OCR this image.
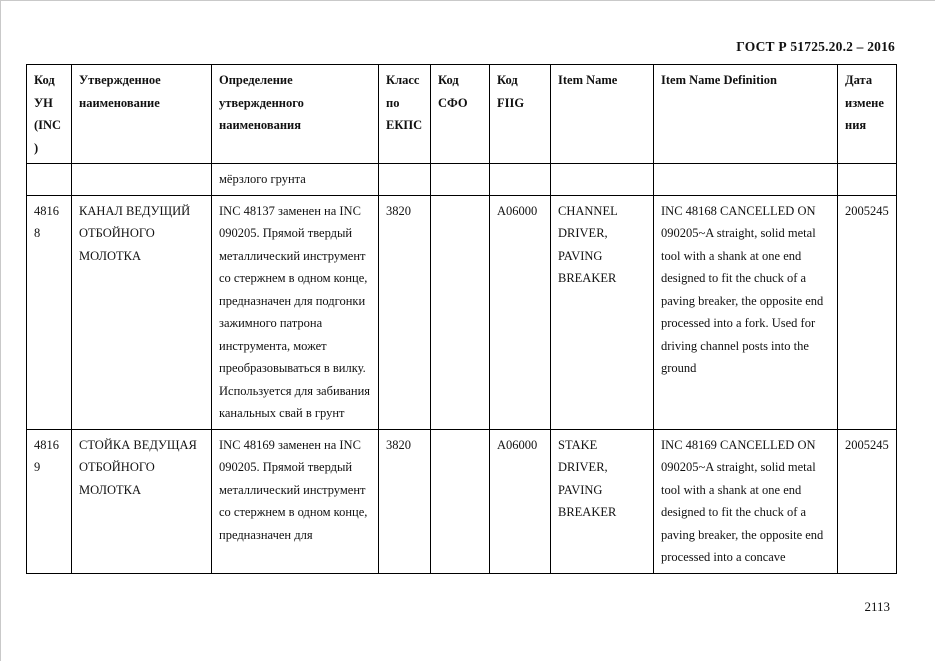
ГОСТ Р 51725.20.2 – 2016
Код УН (INC)	Утвержденное наименование	Определение утвержденного наименования	Класс по ЕКПС	Код СФО	Код FIIG	Item Name	Item Name Definition	Дата изменения
		мёрзлого грунта						
48168	КАНАЛ ВЕДУЩИЙ ОТБОЙНОГО МОЛОТКА	INC 48137 заменен на INC 090205. Прямой твердый металлический инструмент со стержнем в одном конце, предназначен для подгонки зажимного патрона инструмента, может преобразовываться в вилку. Используется для забивания канальных свай в грунт	3820		A06000	CHANNEL DRIVER, PAVING BREAKER	INC 48168 CANCELLED ON 090205~A straight, solid metal tool with a shank at one end designed to fit the chuck of a paving breaker, the opposite end processed into a fork. Used for driving channel posts into the ground	2005245
48169	СТОЙКА ВЕДУЩАЯ ОТБОЙНОГО МОЛОТКА	INC 48169 заменен на INC 090205. Прямой твердый металлический инструмент со стержнем в одном конце, предназначен для	3820		A06000	STAKE DRIVER, PAVING BREAKER	INC 48169 CANCELLED ON 090205~A straight, solid metal tool with a shank at one end designed to fit the chuck of a paving breaker, the opposite end processed into a concave	2005245
2113
